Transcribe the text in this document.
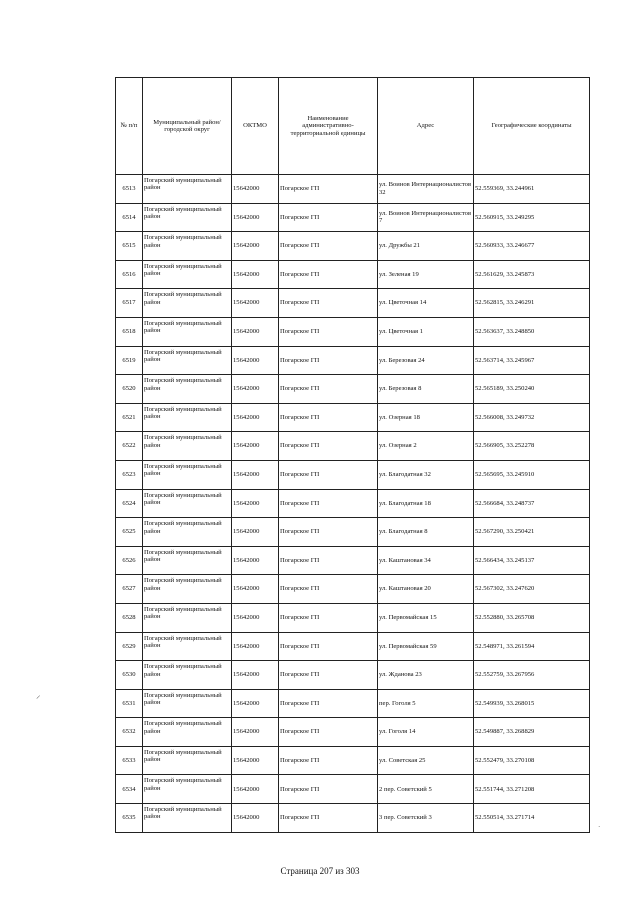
№ п/п	Муниципальный район/городской округ	ОКТМО	Наименование административно-территориальной единицы	Адрес	Географические координаты
6513	Погарский муниципальный район	15642000	Погарское ГП	ул. Воинов Интернационалистов 32	52.559369, 33.244961
6514	Погарский муниципальный район	15642000	Погарское ГП	ул. Воинов Интернационалистов 7	52.560915, 33.249295
6515	Погарский муниципальный район	15642000	Погарское ГП	ул. Дружбы 21	52.560933, 33.246677
6516	Погарский муниципальный район	15642000	Погарское ГП	ул. Зеленая 19	52.561629, 33.245873
6517	Погарский муниципальный район	15642000	Погарское ГП	ул. Цветочная 14	52.562815, 33.246291
6518	Погарский муниципальный район	15642000	Погарское ГП	ул. Цветочная 1	52.563637, 33.248850
6519	Погарский муниципальный район	15642000	Погарское ГП	ул. Березовая 24	52.563714, 33.245967
6520	Погарский муниципальный район	15642000	Погарское ГП	ул. Березовая 8	52.565189, 33.250240
6521	Погарский муниципальный район	15642000	Погарское ГП	ул. Озерная 18	52.566008, 33.249732
6522	Погарский муниципальный район	15642000	Погарское ГП	ул. Озерная 2	52.566905, 33.252278
6523	Погарский муниципальный район	15642000	Погарское ГП	ул. Благодатная 32	52.565695, 33.245910
6524	Погарский муниципальный район	15642000	Погарское ГП	ул. Благодатная 18	52.566684, 33.248737
6525	Погарский муниципальный район	15642000	Погарское ГП	ул. Благодатная 8	52.567290, 33.250421
6526	Погарский муниципальный район	15642000	Погарское ГП	ул. Каштановая 34	52.566434, 33.245137
6527	Погарский муниципальный район	15642000	Погарское ГП	ул. Каштановая 20	52.567302, 33.247620
6528	Погарский муниципальный район	15642000	Погарское ГП	ул. Первомайская 15	52.552880, 33.265708
6529	Погарский муниципальный район	15642000	Погарское ГП	ул. Первомайская 59	52.548971, 33.261594
6530	Погарский муниципальный район	15642000	Погарское ГП	ул. Жданова 23	52.552759, 33.267956
6531	Погарский муниципальный район	15642000	Погарское ГП	пер. Гоголя 5	52.549939, 33.268015
6532	Погарский муниципальный район	15642000	Погарское ГП	ул. Гоголя 14	52.549887, 33.268829
6533	Погарский муниципальный район	15642000	Погарское ГП	ул. Советская 25	52.552479, 33.270108
6534	Погарский муниципальный район	15642000	Погарское ГП	2 пер. Советский 5	52.551744, 33.271208
6535	Погарский муниципальный район	15642000	Погарское ГП	3 пер. Советский 3	52.550514, 33.271714
⸝
·
Страница 207 из 303
